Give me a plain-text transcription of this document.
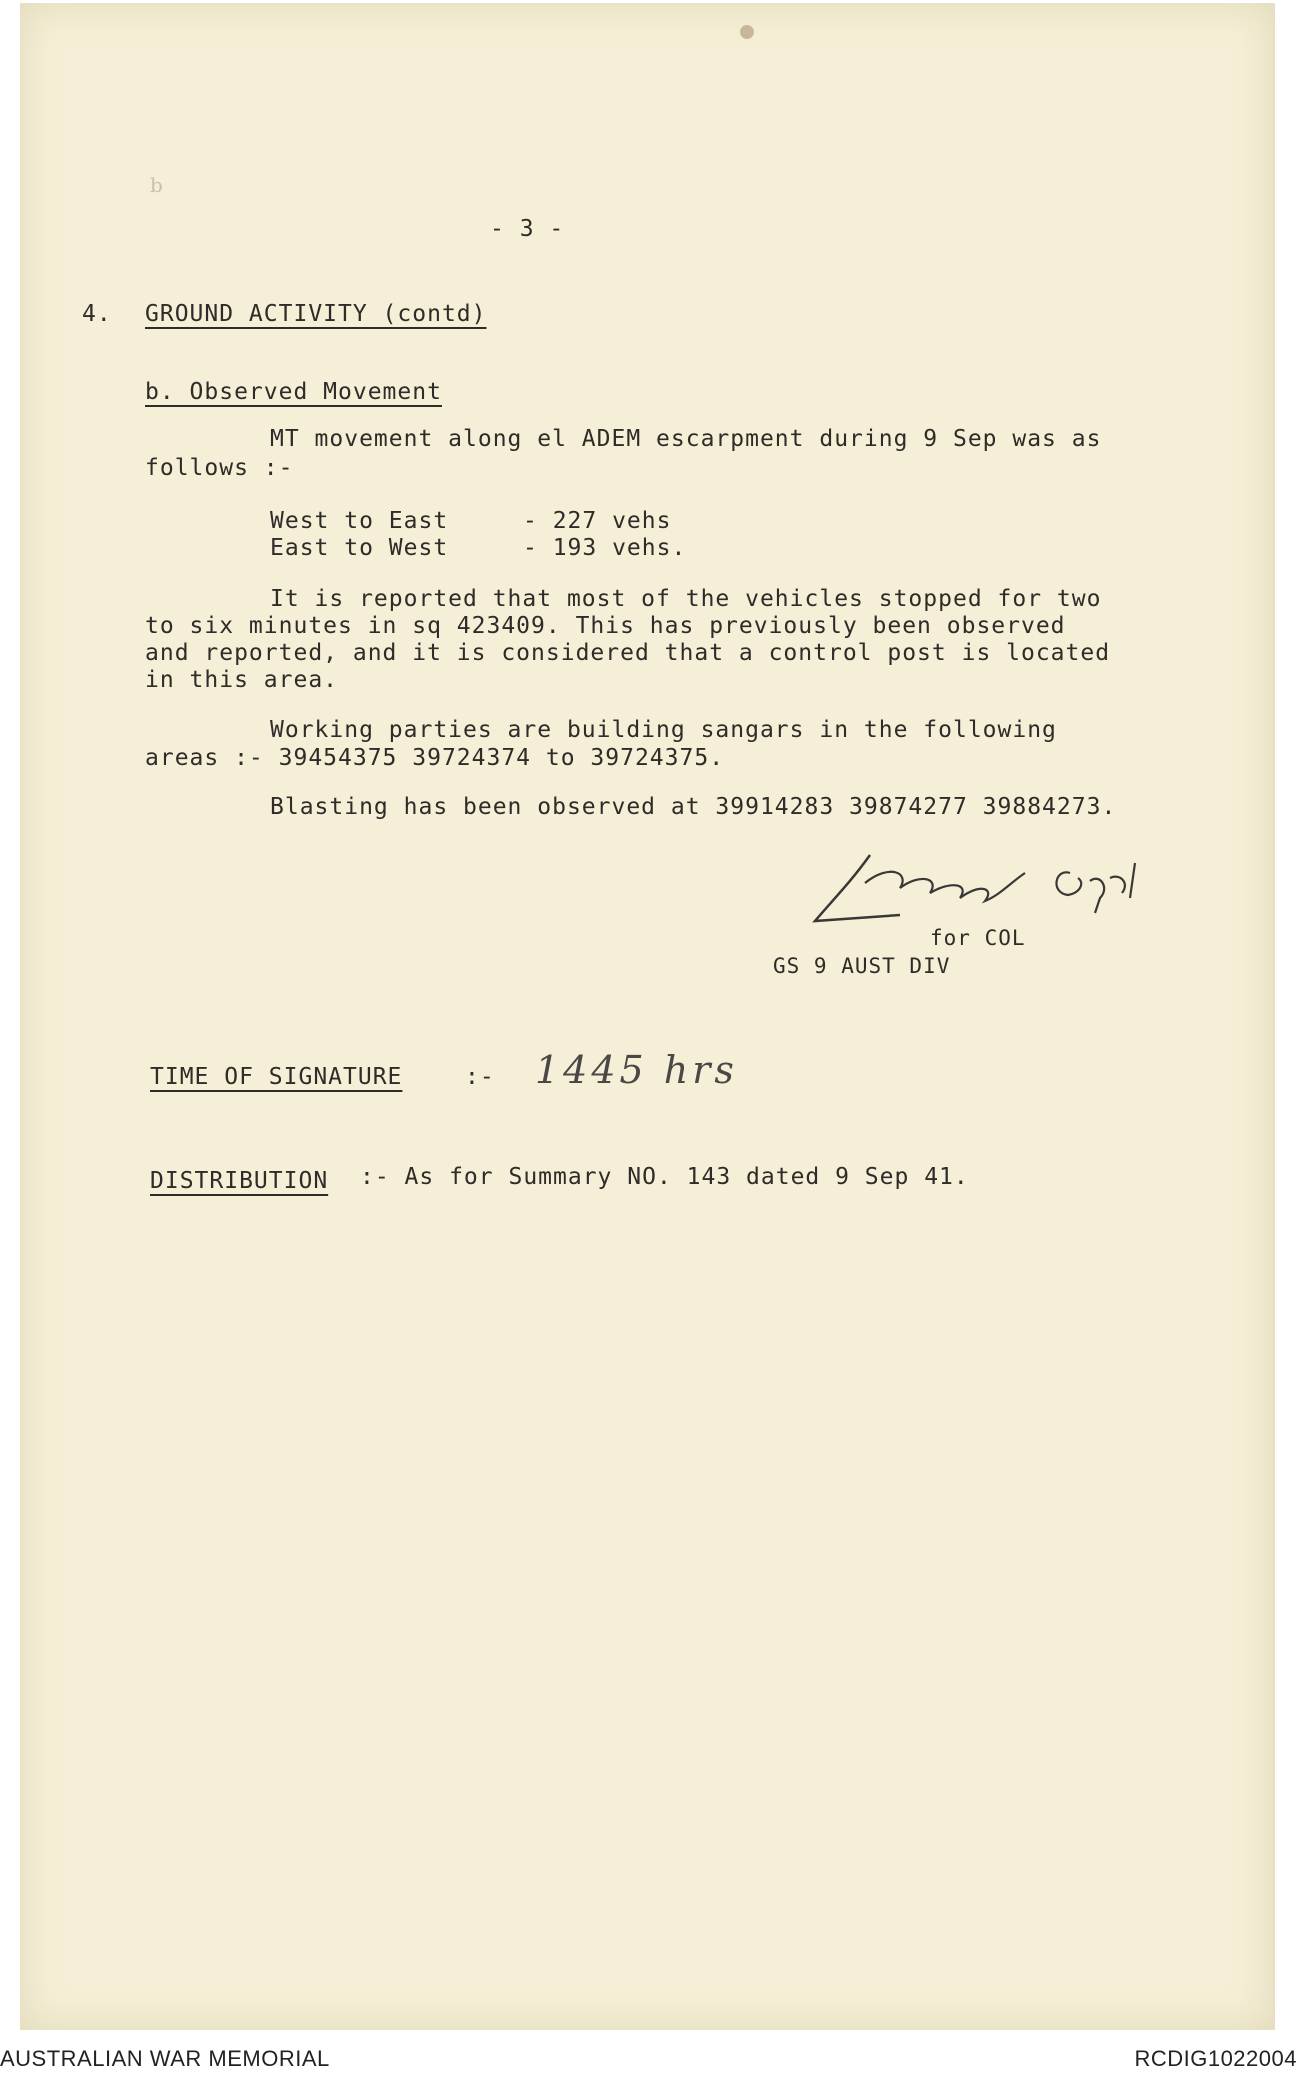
b
- 3 -
4. GROUND ACTIVITY (contd)
b. Observed Movement
MT movement along el ADEM escarpment during 9 Sep was as
follows :-
West to East	- 227 vehs
East to West	- 193 vehs.
It is reported that most of the vehicles stopped for two
to six minutes in sq 423409. This has previously been observed
and reported, and it is considered that a control post is located
in this area.
Working parties are building sangars in the following
areas :- 39454375 39724374 to 39724375.
Blasting has been observed at 39914283 39874277 39884273.
for COL
GS 9 AUST DIV
TIME OF SIGNATURE	:- 1445 hrs
DISTRIBUTION :- As for Summary NO. 143 dated 9 Sep 41.
AUSTRALIAN WAR MEMORIAL	RCDIG1022004
